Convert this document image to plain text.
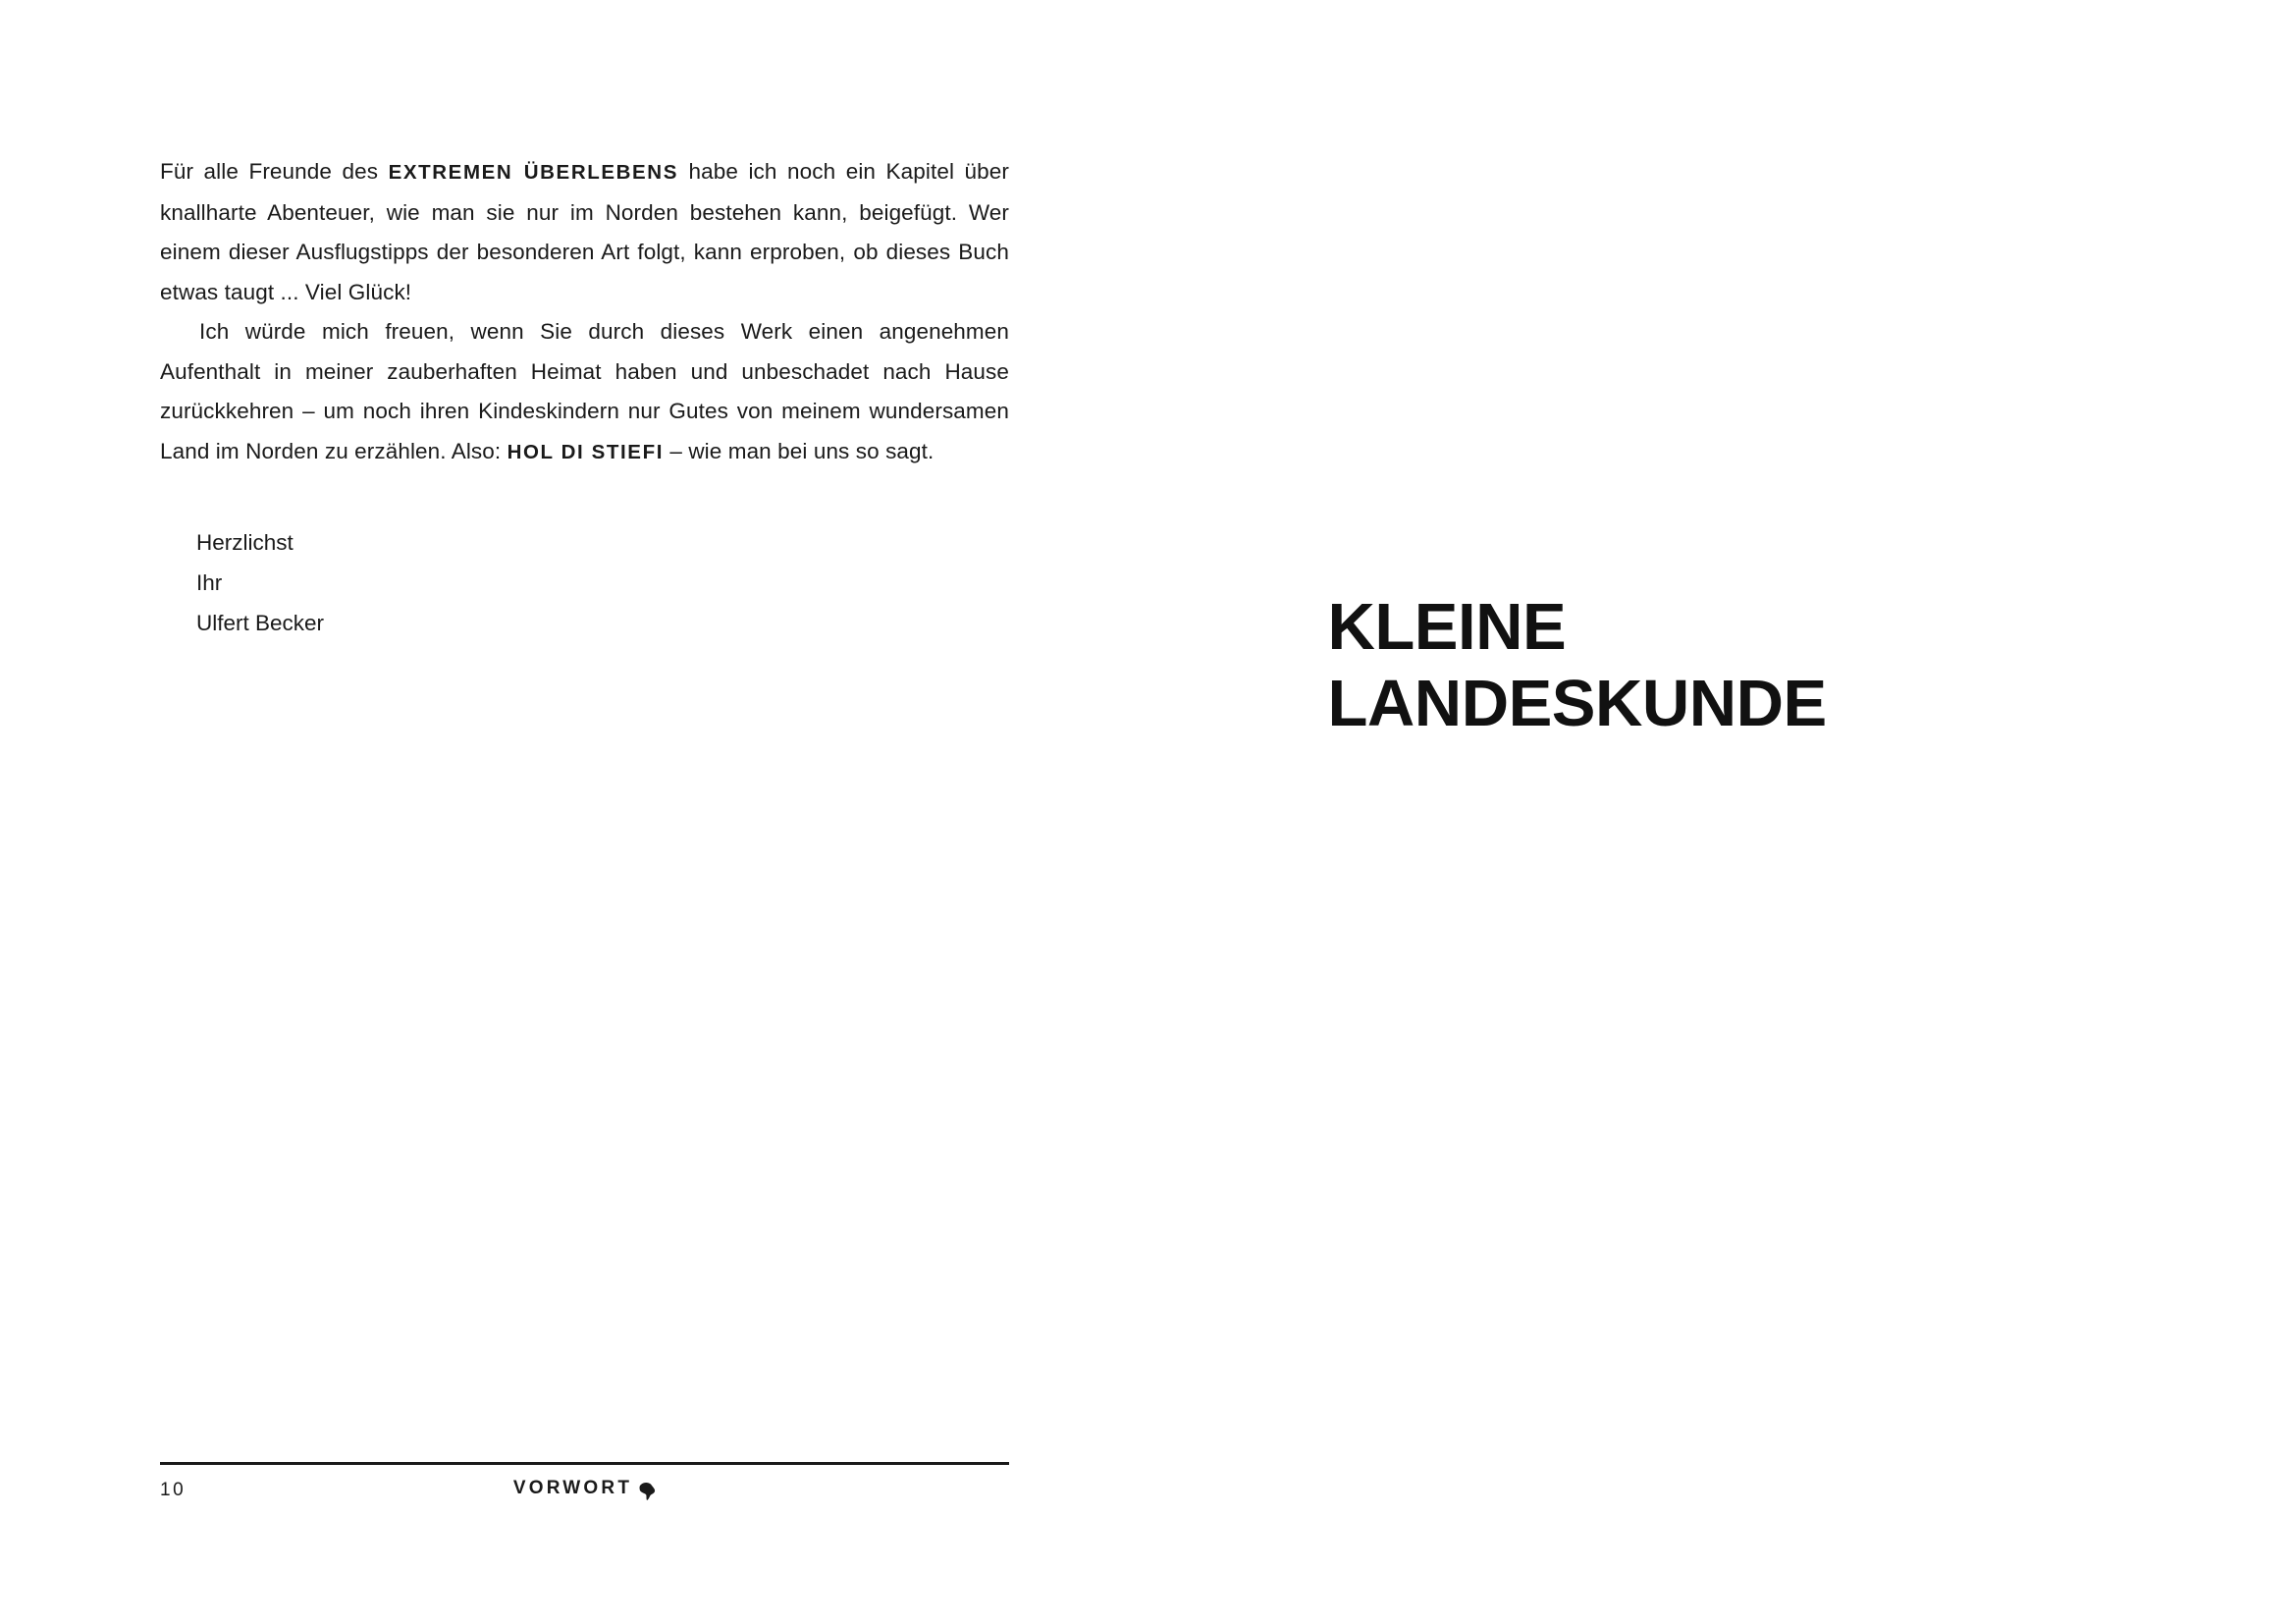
Für alle Freunde des EXTREMEN ÜBERLEBENS habe ich noch ein Kapitel über knallharte Abenteuer, wie man sie nur im Norden bestehen kann, beigefügt. Wer einem dieser Ausflugstipps der besonderen Art folgt, kann erproben, ob dieses Buch etwas taugt ... Viel Glück!

Ich würde mich freuen, wenn Sie durch dieses Werk einen angenehmen Aufenthalt in meiner zauberhaften Heimat haben und unbeschadet nach Hause zurückkehren – um noch ihren Kindeskindern nur Gutes von meinem wundersamen Land im Norden zu erzählen. Also: HOL DI STIEFI – wie man bei uns so sagt.

Herzlichst
Ihr
Ulfert Becker
10	VORWORT
KLEINE
LANDESKUNDE
